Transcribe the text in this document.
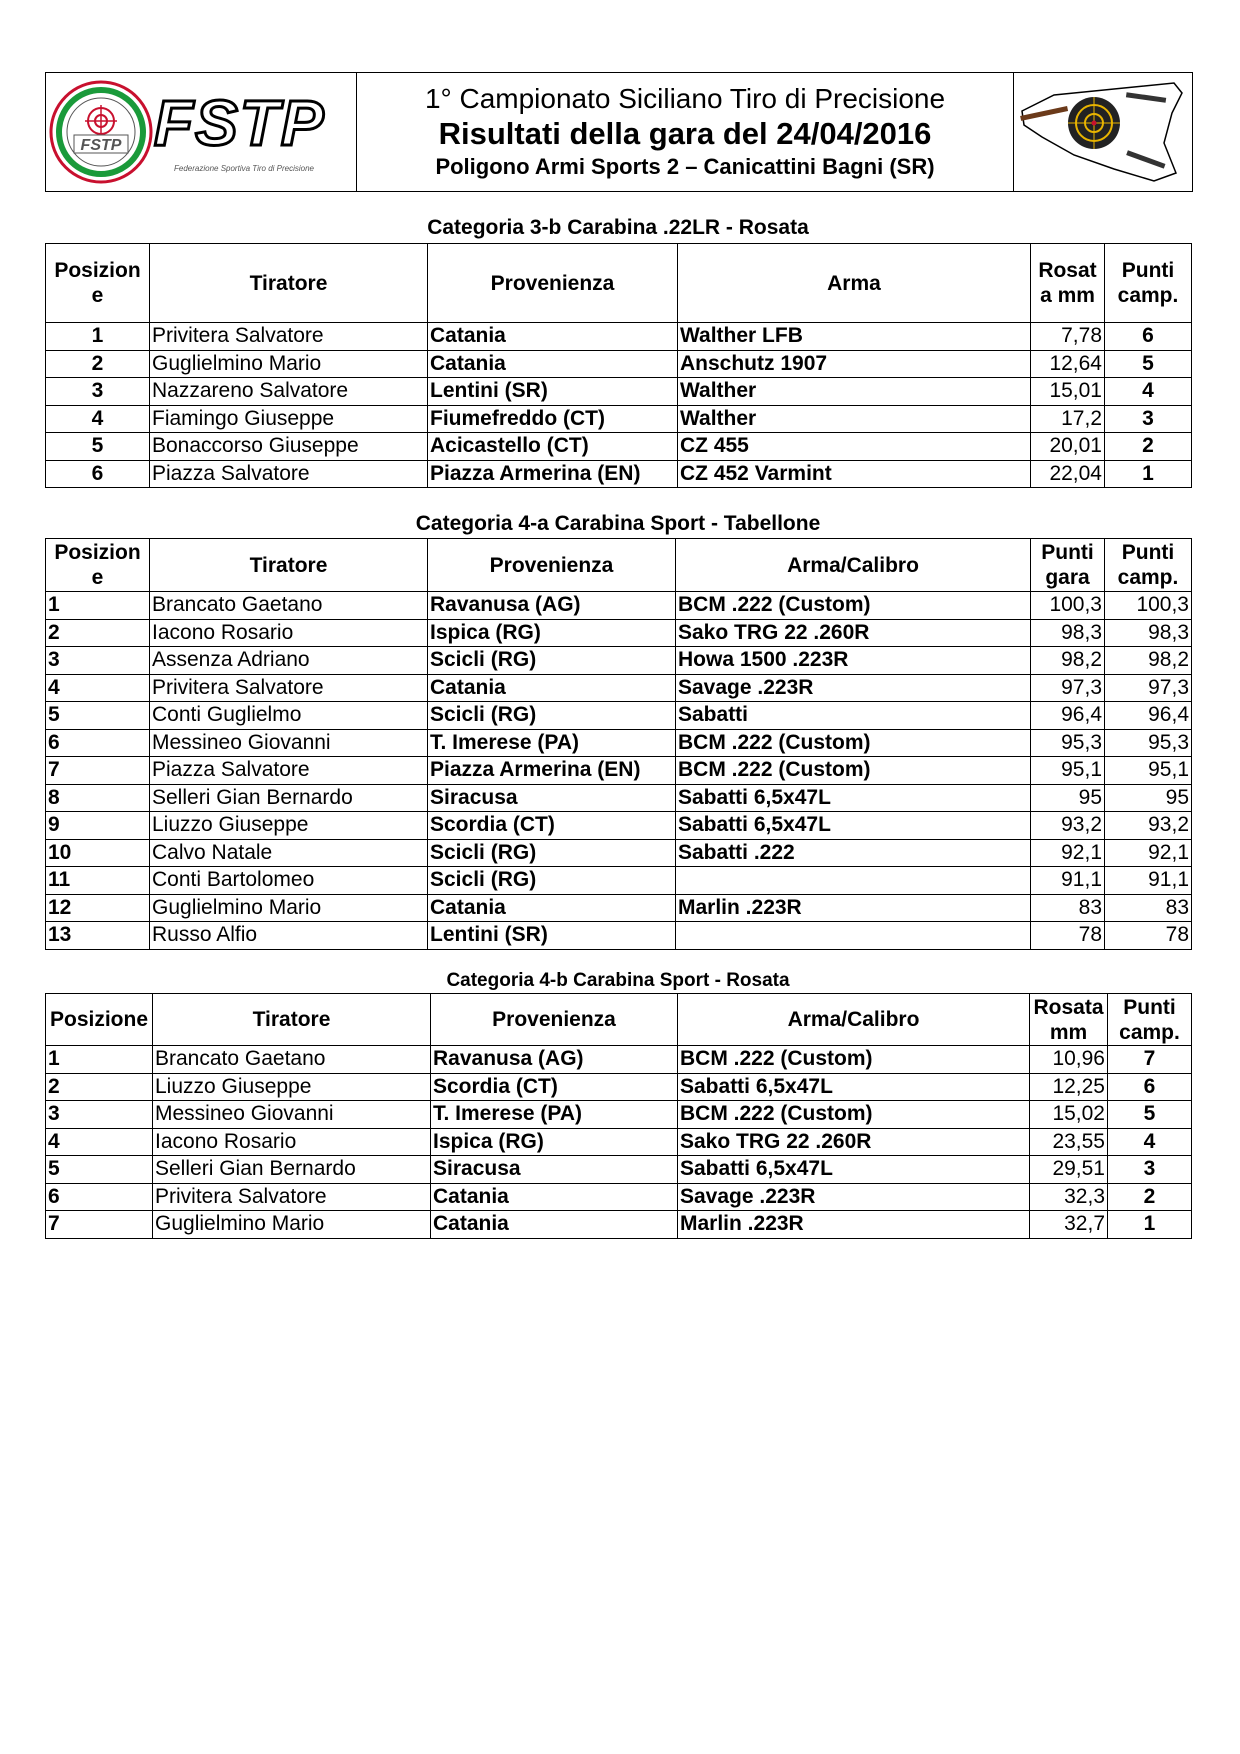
FSTP FSTP
Federazione Sportiva Tiro di Precisione
1° Campionato Siciliano Tiro di Precisione
Risultati della gara del 24/04/2016
Poligono Armi Sports 2 – Canicattini Bagni (SR)
Categoria 3-b Carabina .22LR - Rosata
Posizion e	Tiratore	Provenienza	Arma	Rosat a mm	Punti camp.
1	Privitera Salvatore	Catania	Walther LFB	7,78	6
2	Guglielmino Mario	Catania	Anschutz 1907	12,64	5
3	Nazzareno Salvatore	Lentini (SR)	Walther	15,01	4
4	Fiamingo Giuseppe	Fiumefreddo (CT)	Walther	17,2	3
5	Bonaccorso Giuseppe	Acicastello (CT)	CZ 455	20,01	2
6	Piazza Salvatore	Piazza Armerina (EN)	CZ 452 Varmint	22,04	1
Categoria 4-a Carabina Sport - Tabellone
Posizion e	Tiratore	Provenienza	Arma/Calibro	Punti gara	Punti camp.
1	Brancato Gaetano	Ravanusa (AG)	BCM .222 (Custom)	100,3	100,3
2	Iacono Rosario	Ispica (RG)	Sako TRG 22 .260R	98,3	98,3
3	Assenza Adriano	Scicli (RG)	Howa 1500 .223R	98,2	98,2
4	Privitera Salvatore	Catania	Savage .223R	97,3	97,3
5	Conti Guglielmo	Scicli (RG)	Sabatti	96,4	96,4
6	Messineo Giovanni	T. Imerese (PA)	BCM .222 (Custom)	95,3	95,3
7	Piazza Salvatore	Piazza Armerina (EN)	BCM .222 (Custom)	95,1	95,1
8	Selleri Gian Bernardo	Siracusa	Sabatti 6,5x47L	95	95
9	Liuzzo Giuseppe	Scordia (CT)	Sabatti 6,5x47L	93,2	93,2
10	Calvo Natale	Scicli (RG)	Sabatti .222	92,1	92,1
11	Conti Bartolomeo	Scicli (RG)		91,1	91,1
12	Guglielmino Mario	Catania	Marlin .223R	83	83
13	Russo Alfio	Lentini (SR)		78	78
Categoria 4-b Carabina Sport - Rosata
Posizione	Tiratore	Provenienza	Arma/Calibro	Rosata mm	Punti camp.
1	Brancato Gaetano	Ravanusa (AG)	BCM .222 (Custom)	10,96	7
2	Liuzzo Giuseppe	Scordia (CT)	Sabatti 6,5x47L	12,25	6
3	Messineo Giovanni	T. Imerese (PA)	BCM .222 (Custom)	15,02	5
4	Iacono Rosario	Ispica (RG)	Sako TRG 22 .260R	23,55	4
5	Selleri Gian Bernardo	Siracusa	Sabatti 6,5x47L	29,51	3
6	Privitera Salvatore	Catania	Savage .223R	32,3	2
7	Guglielmino Mario	Catania	Marlin .223R	32,7	1
